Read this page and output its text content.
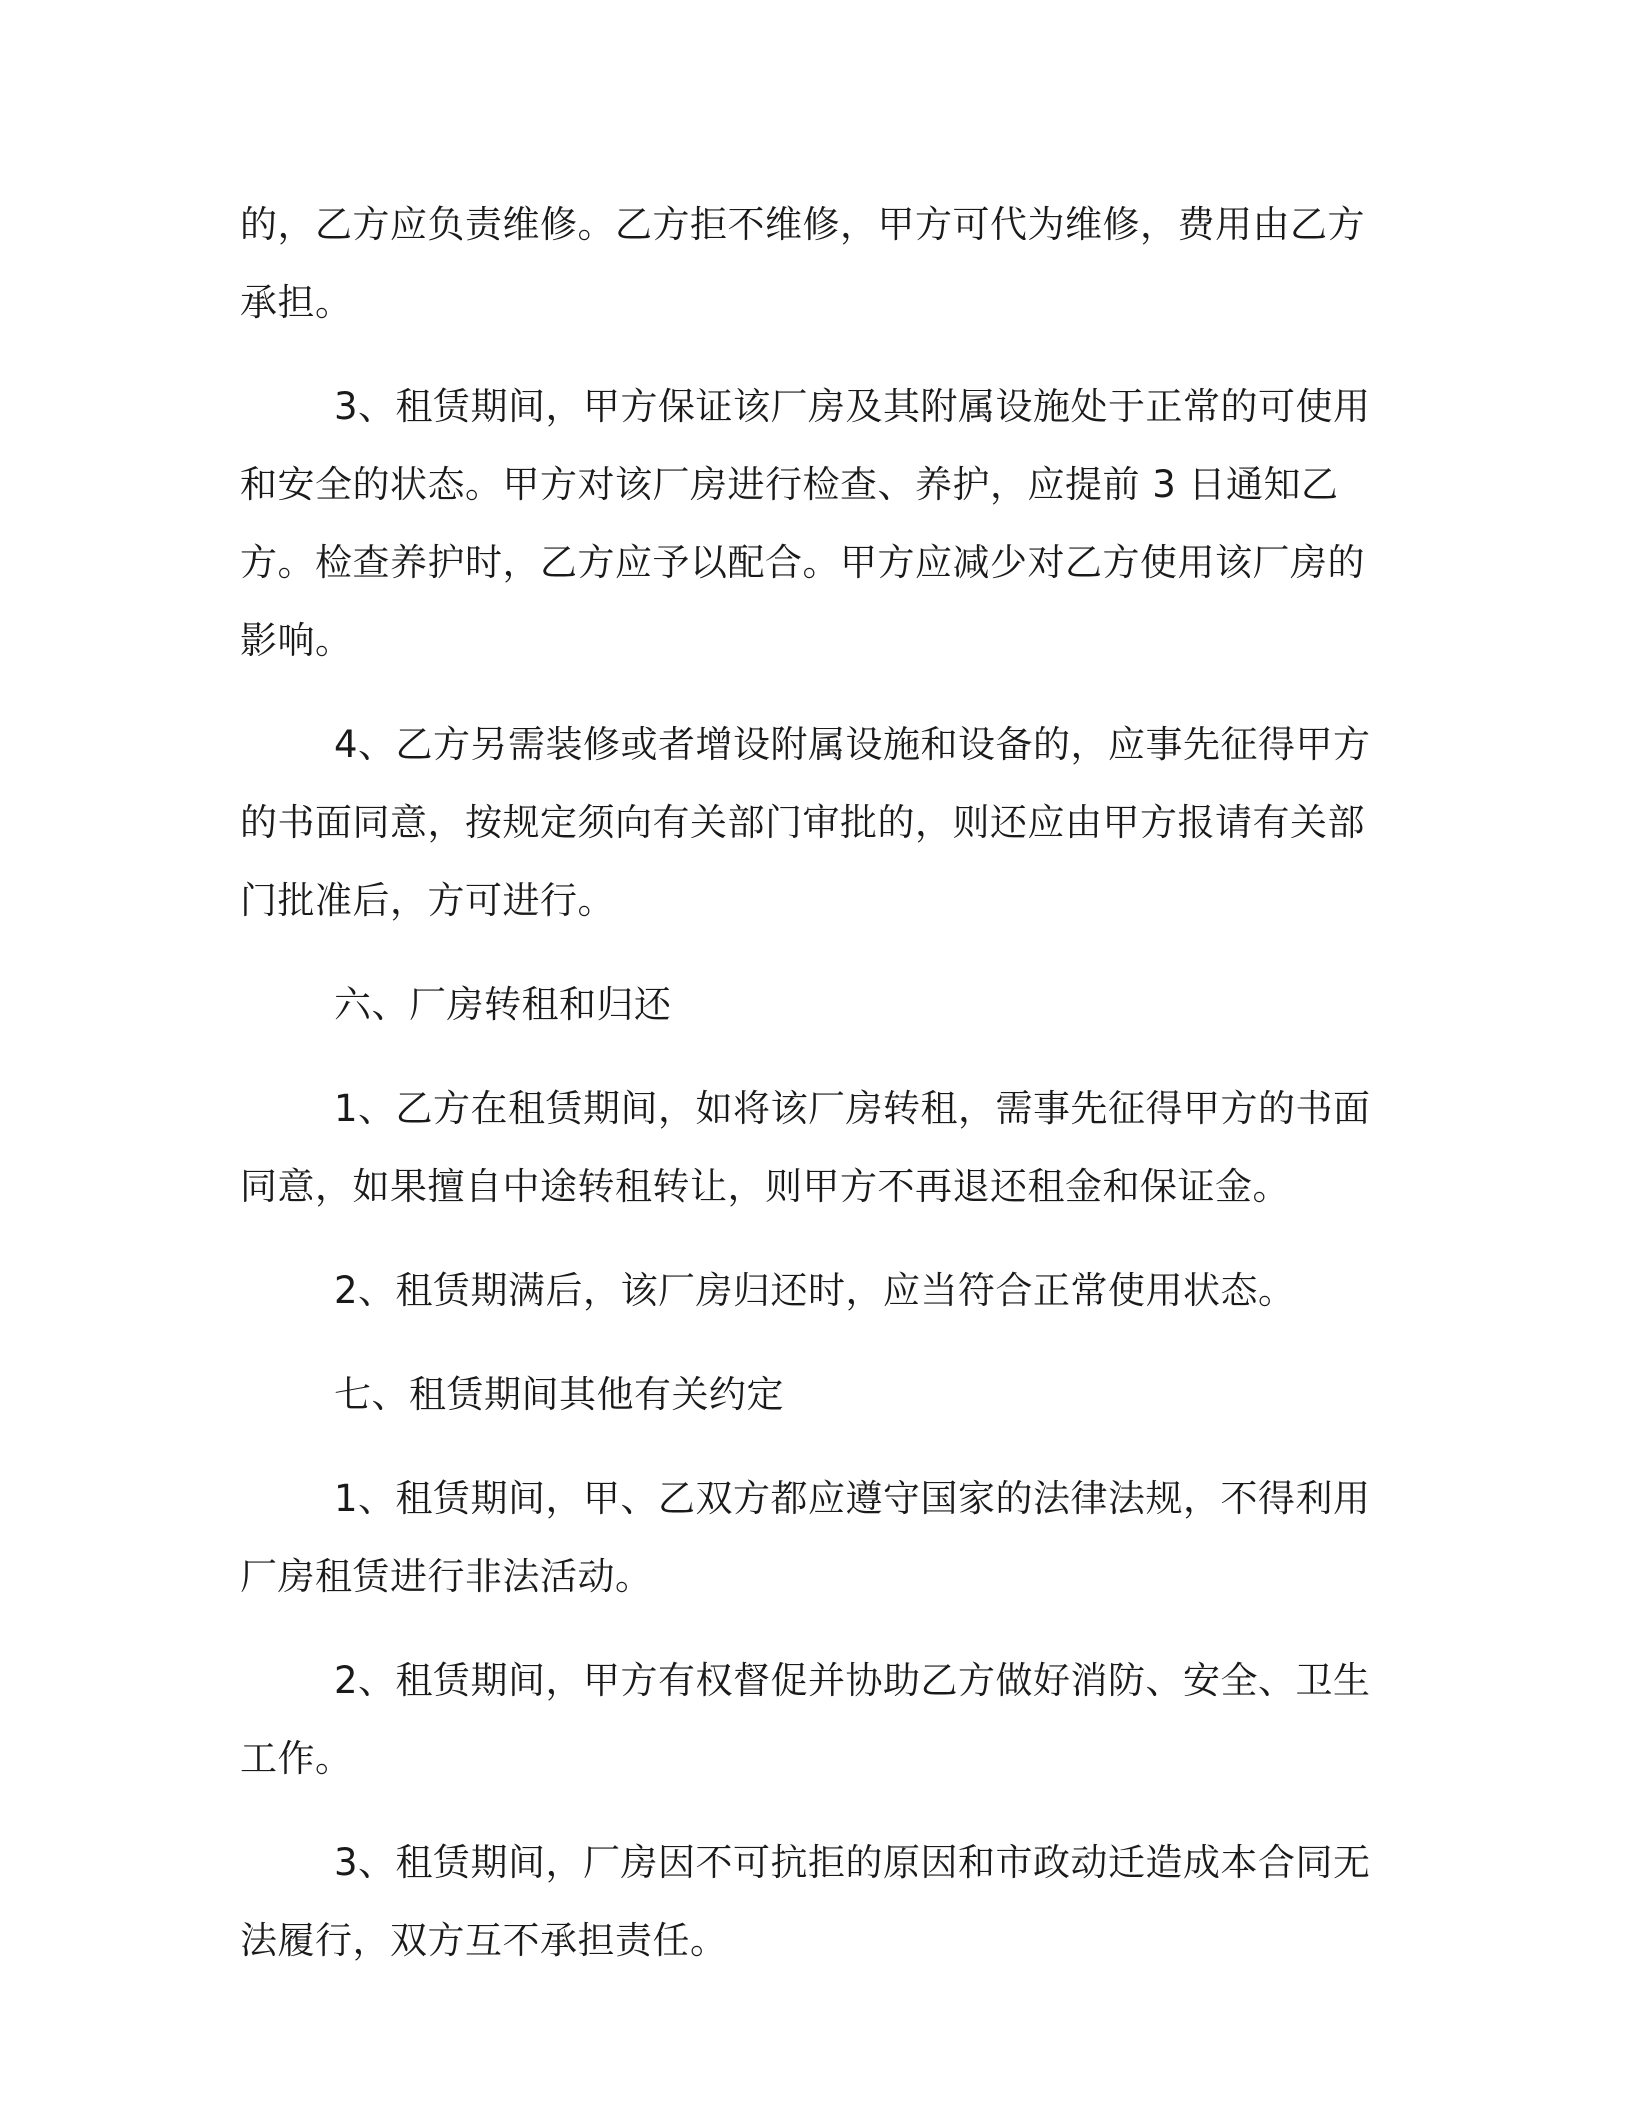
的，乙方应负责维修。乙方拒不维修，甲方可代为维修，费用由乙方承担。

3、租赁期间，甲方保证该厂房及其附属设施处于正常的可使用和安全的状态。甲方对该厂房进行检查、养护，应提前 3 日通知乙方。检查养护时，乙方应予以配合。甲方应减少对乙方使用该厂房的影响。

4、乙方另需装修或者增设附属设施和设备的，应事先征得甲方的书面同意，按规定须向有关部门审批的，则还应由甲方报请有关部门批准后，方可进行。

六、厂房转租和归还

1、乙方在租赁期间，如将该厂房转租，需事先征得甲方的书面同意，如果擅自中途转租转让，则甲方不再退还租金和保证金。

2、租赁期满后，该厂房归还时，应当符合正常使用状态。

七、租赁期间其他有关约定

1、租赁期间，甲、乙双方都应遵守国家的法律法规，不得利用厂房租赁进行非法活动。

2、租赁期间，甲方有权督促并协助乙方做好消防、安全、卫生工作。

3、租赁期间，厂房因不可抗拒的原因和市政动迁造成本合同无法履行，双方互不承担责任。
